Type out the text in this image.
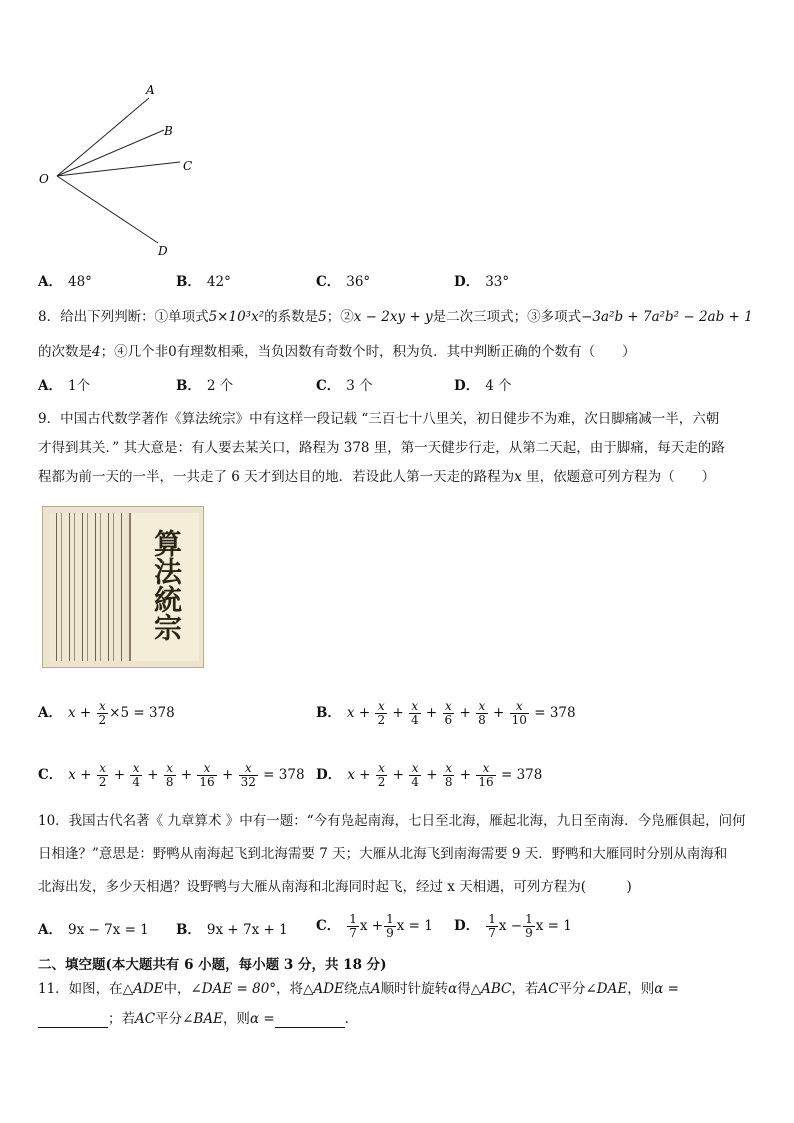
O
A
B
C
D
A． 48°	B． 42°	C． 36°	D． 33°
8．给出下列判断：①单项式5×10³x²的系数是5；②x − 2xy + y是二次三项式；③多项式−3a²b + 7a²b² − 2ab + 1
的次数是4；④几个非0有理数相乘，当负因数有奇数个时，积为负．其中判断正确的个数有（　　）
A． 1个	B． 2 个	C． 3 个	D． 4 个
9．中国古代数学著作《算法统宗》中有这样一段记载 “三百七十八里关，初日健步不为难，次日脚痛减一半，六朝
才得到其关．” 其大意是：有人要去某关口，路程为 378 里，第一天健步行走，从第二天起，由于脚痛，每天走的路
程都为前一天的一半，一共走了 6 天才到达目的地．若设此人第一天走的路程为x 里，依题意可列方程为（　　）
算法統宗
A． $x + \frac{x}{2} \times 5 = 378$	B． $x + \frac{x}{2} + \frac{x}{4} + \frac{x}{6} + \frac{x}{8} + \frac{x}{10} = 378$
C． $x + \frac{x}{2} + \frac{x}{4} + \frac{x}{8} + \frac{x}{16} + \frac{x}{32} = 378$ D． $x + \frac{x}{2} + \frac{x}{4} + \frac{x}{8} + \frac{x}{16} = 378$
10．我国古代名著《 九章算术 》中有一题：“今有凫起南海，七日至北海，雁起北海，九日至南海．今凫雁俱起，问何
日相逢？”意思是：野鸭从南海起飞到北海需要 7 天；大雁从北海飞到南海需要 9 天．野鸭和大雁同时分别从南海和
北海出发，多少天相遇？设野鸭与大雁从南海和北海同时起飞，经过 x 天相遇，可列方程为(　　　)
A． 9x − 7x = 1 B． 9x + 7x + 1 C． $\frac{1}{7}$ $x + \frac{1}{9}$ x = 1 D． $\frac{1}{7}$ $x - \frac{1}{9}$ x = 1
二、填空题(本大题共有 6 小题，每小题 3 分，共 18 分)
11．如图，在△ADE中，∠DAE = 80°，将△ADE绕点A顺时针旋转α得△ABC，若AC平分∠DAE，则α =
；若AC平分∠BAE，则α =	.
